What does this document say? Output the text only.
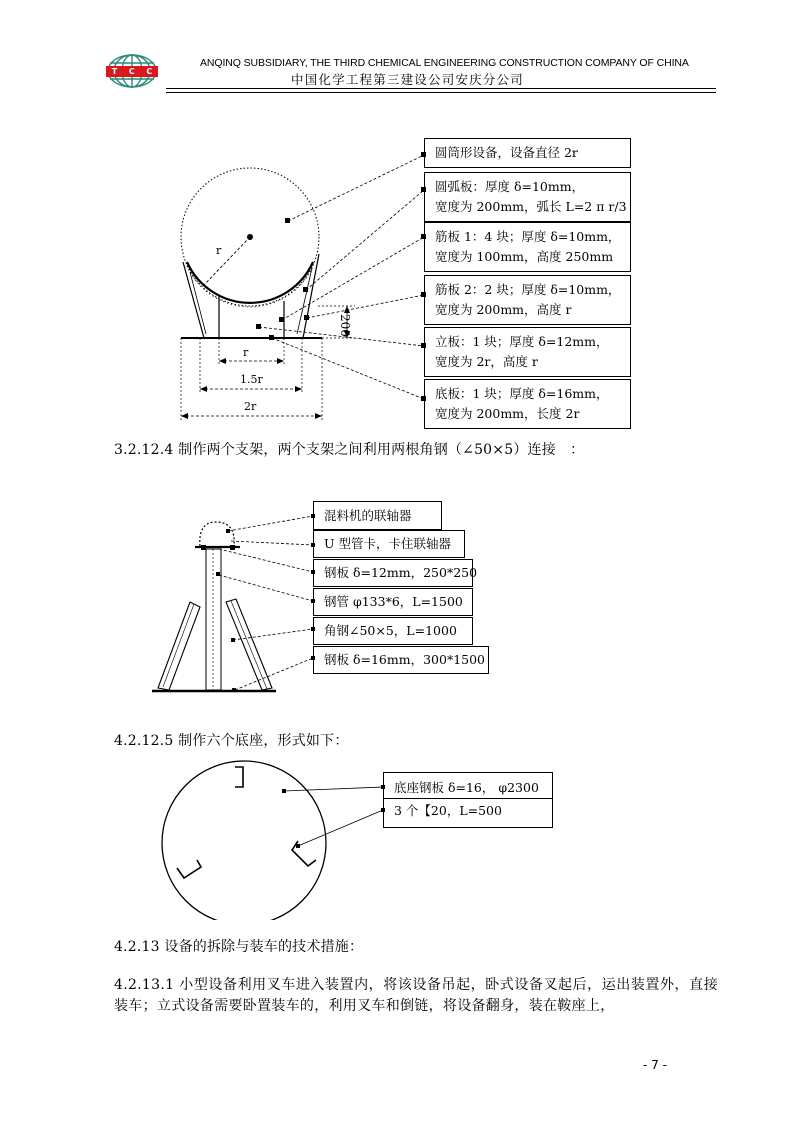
T C C
ANQINQ SUBSIDIARY, THE THIRD CHEMICAL ENGINEERING CONSTRUCTION COMPANY OF CHINA
中国化学工程第三建设公司安庆分公司
r
r
1.5r
2r
200
圆筒形设备，设备直径 2r
圆弧板：厚度 δ=10mm，
宽度为 200mm，弧长 L=2 π r/3
筋板 1：4 块；厚度 δ=10mm，
宽度为 100mm，高度 250mm
筋板 2：2 块；厚度 δ=10mm，
宽度为 200mm，高度 r
立板：1 块；厚度 δ=12mm，
宽度为 2r，高度 r
底板：1 块；厚度 δ=16mm，
宽度为 200mm，长度 2r
3.2.12.4 制作两个支架，两个支架之间利用两根角钢（∠50×5）连接　：
混料机的联轴器
U 型管卡，卡住联轴器
钢板 δ=12mm，250*250
钢管 φ133*6，L=1500
角钢∠50×5，L=1000
钢板 δ=16mm，300*1500
4.2.12.5 制作六个底座，形式如下：
底座钢板 δ=16， φ2300
3 个【20，L=500
4.2.13 设备的拆除与装车的技术措施：
4.2.13.1 小型设备利用叉车进入装置内，将该设备吊起，卧式设备叉起后，运出装置外，直接装车；立式设备需要卧置装车的，利用叉车和倒链，将设备翻身，装在鞍座上，
- 7 -
